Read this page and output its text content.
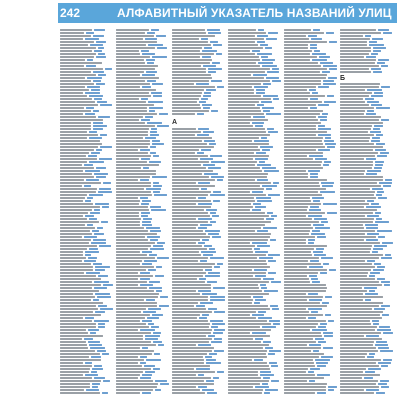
242	АЛФАВИТНЫЙ УКАЗАТЕЛЬ НАЗВАНИЙ УЛИЦ
А
Б
